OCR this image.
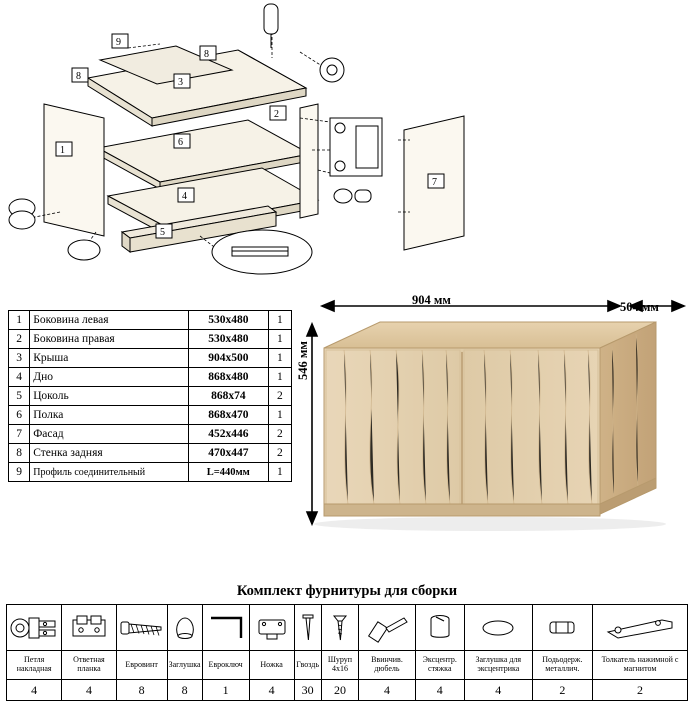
9
8
8
3
2
1
6
4
5
7
1	Боковина левая	530х480	1
2	Боковина правая	530х480	1
3	Крыша	904х500	1
4	Дно	868х480	1
5	Цоколь	868х74	2
6	Полка	868х470	1
7	Фасад	452х446	2
8	Стенка задняя	470х447	2
9	Профиль соединительный	L=440мм	1
904 мм	504 мм
546 мм
Комплект фурнитуры для сборки

Петля накладная	Ответная планка	Евровинт	Заглушка	Евроключ	Ножка	Гвоздь	Шуруп 4х16	Ввинчив. дюбель	Эксцентр. стяжка	Заглушка для эксцентрика	Подьодерж. металлич.	Толкатель нажимной с магнитом
4	4	8	8	1	4	30	20	4	4	4	2	2
